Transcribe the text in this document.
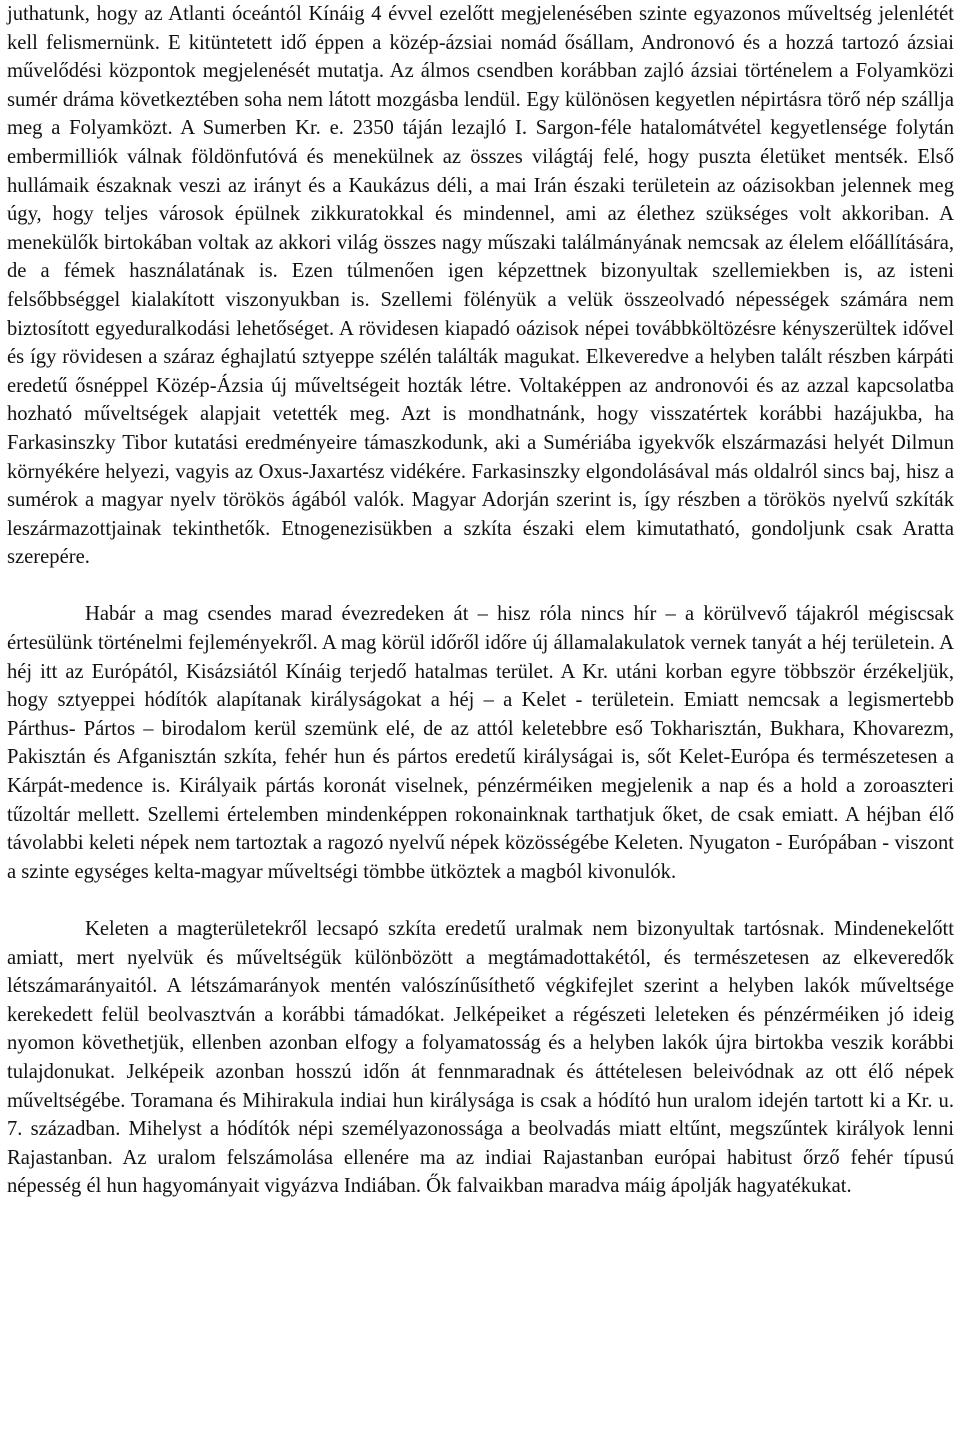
juthatunk, hogy az Atlanti óceántól Kínáig 4 évvel ezelőtt megjelenésében szinte egyazonos műveltség jelenlétét kell felismernünk. E kitüntetett idő éppen a közép-ázsiai nomád ősállam, Andronovó és a hozzá tartozó ázsiai művelődési központok megjelenését mutatja. Az álmos csendben korábban zajló ázsiai történelem a Folyamközi sumér dráma következtében soha nem látott mozgásba lendül. Egy különösen kegyetlen népirtásra törő nép szállja meg a Folyamközt. A Sumerben Kr. e. 2350 táján lezajló I. Sargon-féle hatalomátvétel kegyetlensége folytán embermilliók válnak földönfutóvá és menekülnek az összes világtáj felé, hogy puszta életüket mentsék. Első hullámaik északnak veszi az irányt és a Kaukázus déli, a mai Irán északi területein az oázisokban jelennek meg úgy, hogy teljes városok épülnek zikkuratokkal és mindennel, ami az élethez szükséges volt akkoriban. A menekülők birtokában voltak az akkori világ összes nagy műszaki találmányának nemcsak az élelem előállítására, de a fémek használatának is. Ezen túlmenően igen képzettnek bizonyultak szellemiekben is, az isteni felsőbbséggel kialakított viszonyukban is. Szellemi fölényük a velük összeolvadó népességek számára nem biztosított egyeduralkodási lehetőséget. A rövidesen kiapadó oázisok népei továbbköltözésre kényszerültek idővel és így rövidesen a száraz éghajlatú sztyeppe szélén találták magukat. Elkeveredve a helyben talált részben kárpáti eredetű ősnéppel Közép-Ázsia új műveltségeit hozták létre. Voltaképpen az andronovói és az azzal kapcsolatba hozható műveltségek alapjait vetették meg. Azt is mondhatnánk, hogy visszatértek korábbi hazájukba, ha Farkasinszky Tibor kutatási eredményeire támaszkodunk, aki a Sumériába igyekvők elszármazási helyét Dilmun környékére helyezi, vagyis az Oxus-Jaxartész vidékére. Farkasinszky elgondolásával más oldalról sincs baj, hisz a sumérok a magyar nyelv törökös ágából valók. Magyar Adorján szerint is, így részben a törökös nyelvű szkíták leszármazottjainak tekinthetők. Etnogenezisükben a szkíta északi elem kimutatható, gondoljunk csak Aratta szerepére.

Habár a mag csendes marad évezredeken át – hisz róla nincs hír – a körülvevő tájakról mégiscsak értesülünk történelmi fejleményekről. A mag körül időről időre új államalakulatok vernek tanyát a héj területein. A héj itt az Európától, Kisázsiától Kínáig terjedő hatalmas terület. A Kr. utáni korban egyre többször érzékeljük, hogy sztyeppei hódítók alapítanak királyságokat a héj – a Kelet - területein. Emiatt nemcsak a legismertebb Párthus- Pártos – birodalom kerül szemünk elé, de az attól keletebbre eső Tokharisztán, Bukhara, Khovarezm, Pakisztán és Afganisztán szkíta, fehér hun és pártos eredetű királyságai is, sőt Kelet-Európa és természetesen a Kárpát-medence is. Királyaik pártás koronát viselnek, pénzérméiken megjelenik a nap és a hold a zoroaszteri tűzoltár mellett. Szellemi értelemben mindenképpen rokonainknak tarthatjuk őket, de csak emiatt. A héjban élő távolabbi keleti népek nem tartoztak a ragozó nyelvű népek közösségébe Keleten. Nyugaton - Európában - viszont a szinte egységes kelta-magyar műveltségi tömbbe ütköztek a magból kivonulók.

Keleten a magterületekről lecsapó szkíta eredetű uralmak nem bizonyultak tartósnak. Mindenekelőtt amiatt, mert nyelvük és műveltségük különbözött a megtámadottakétól, és természetesen az elkeveredők létszámarányaitól. A létszámarányok mentén valószínűsíthető végkifejlet szerint a helyben lakók műveltsége kerekedett felül beolvasztván a korábbi támadókat. Jelképeiket a régészeti leleteken és pénzérméiken jó ideig nyomon követhetjük, ellenben azonban elfogy a folyamatosság és a helyben lakók újra birtokba veszik korábbi tulajdonukat. Jelképeik azonban hosszú időn át fennmaradnak és áttételesen beleivódnak az ott élő népek műveltségébe. Toramana és Mihirakula indiai hun királysága is csak a hódító hun uralom idején tartott ki a Kr. u. 7. században. Mihelyst a hódítók népi személyazonossága a beolvadás miatt eltűnt, megszűntek királyok lenni Rajastanban. Az uralom felszámolása ellenére ma az indiai Rajastanban európai habitust őrző fehér típusú népesség él hun hagyományait vigyázva Indiában. Ők falvaikban maradva máig ápolják hagyatékukat.
